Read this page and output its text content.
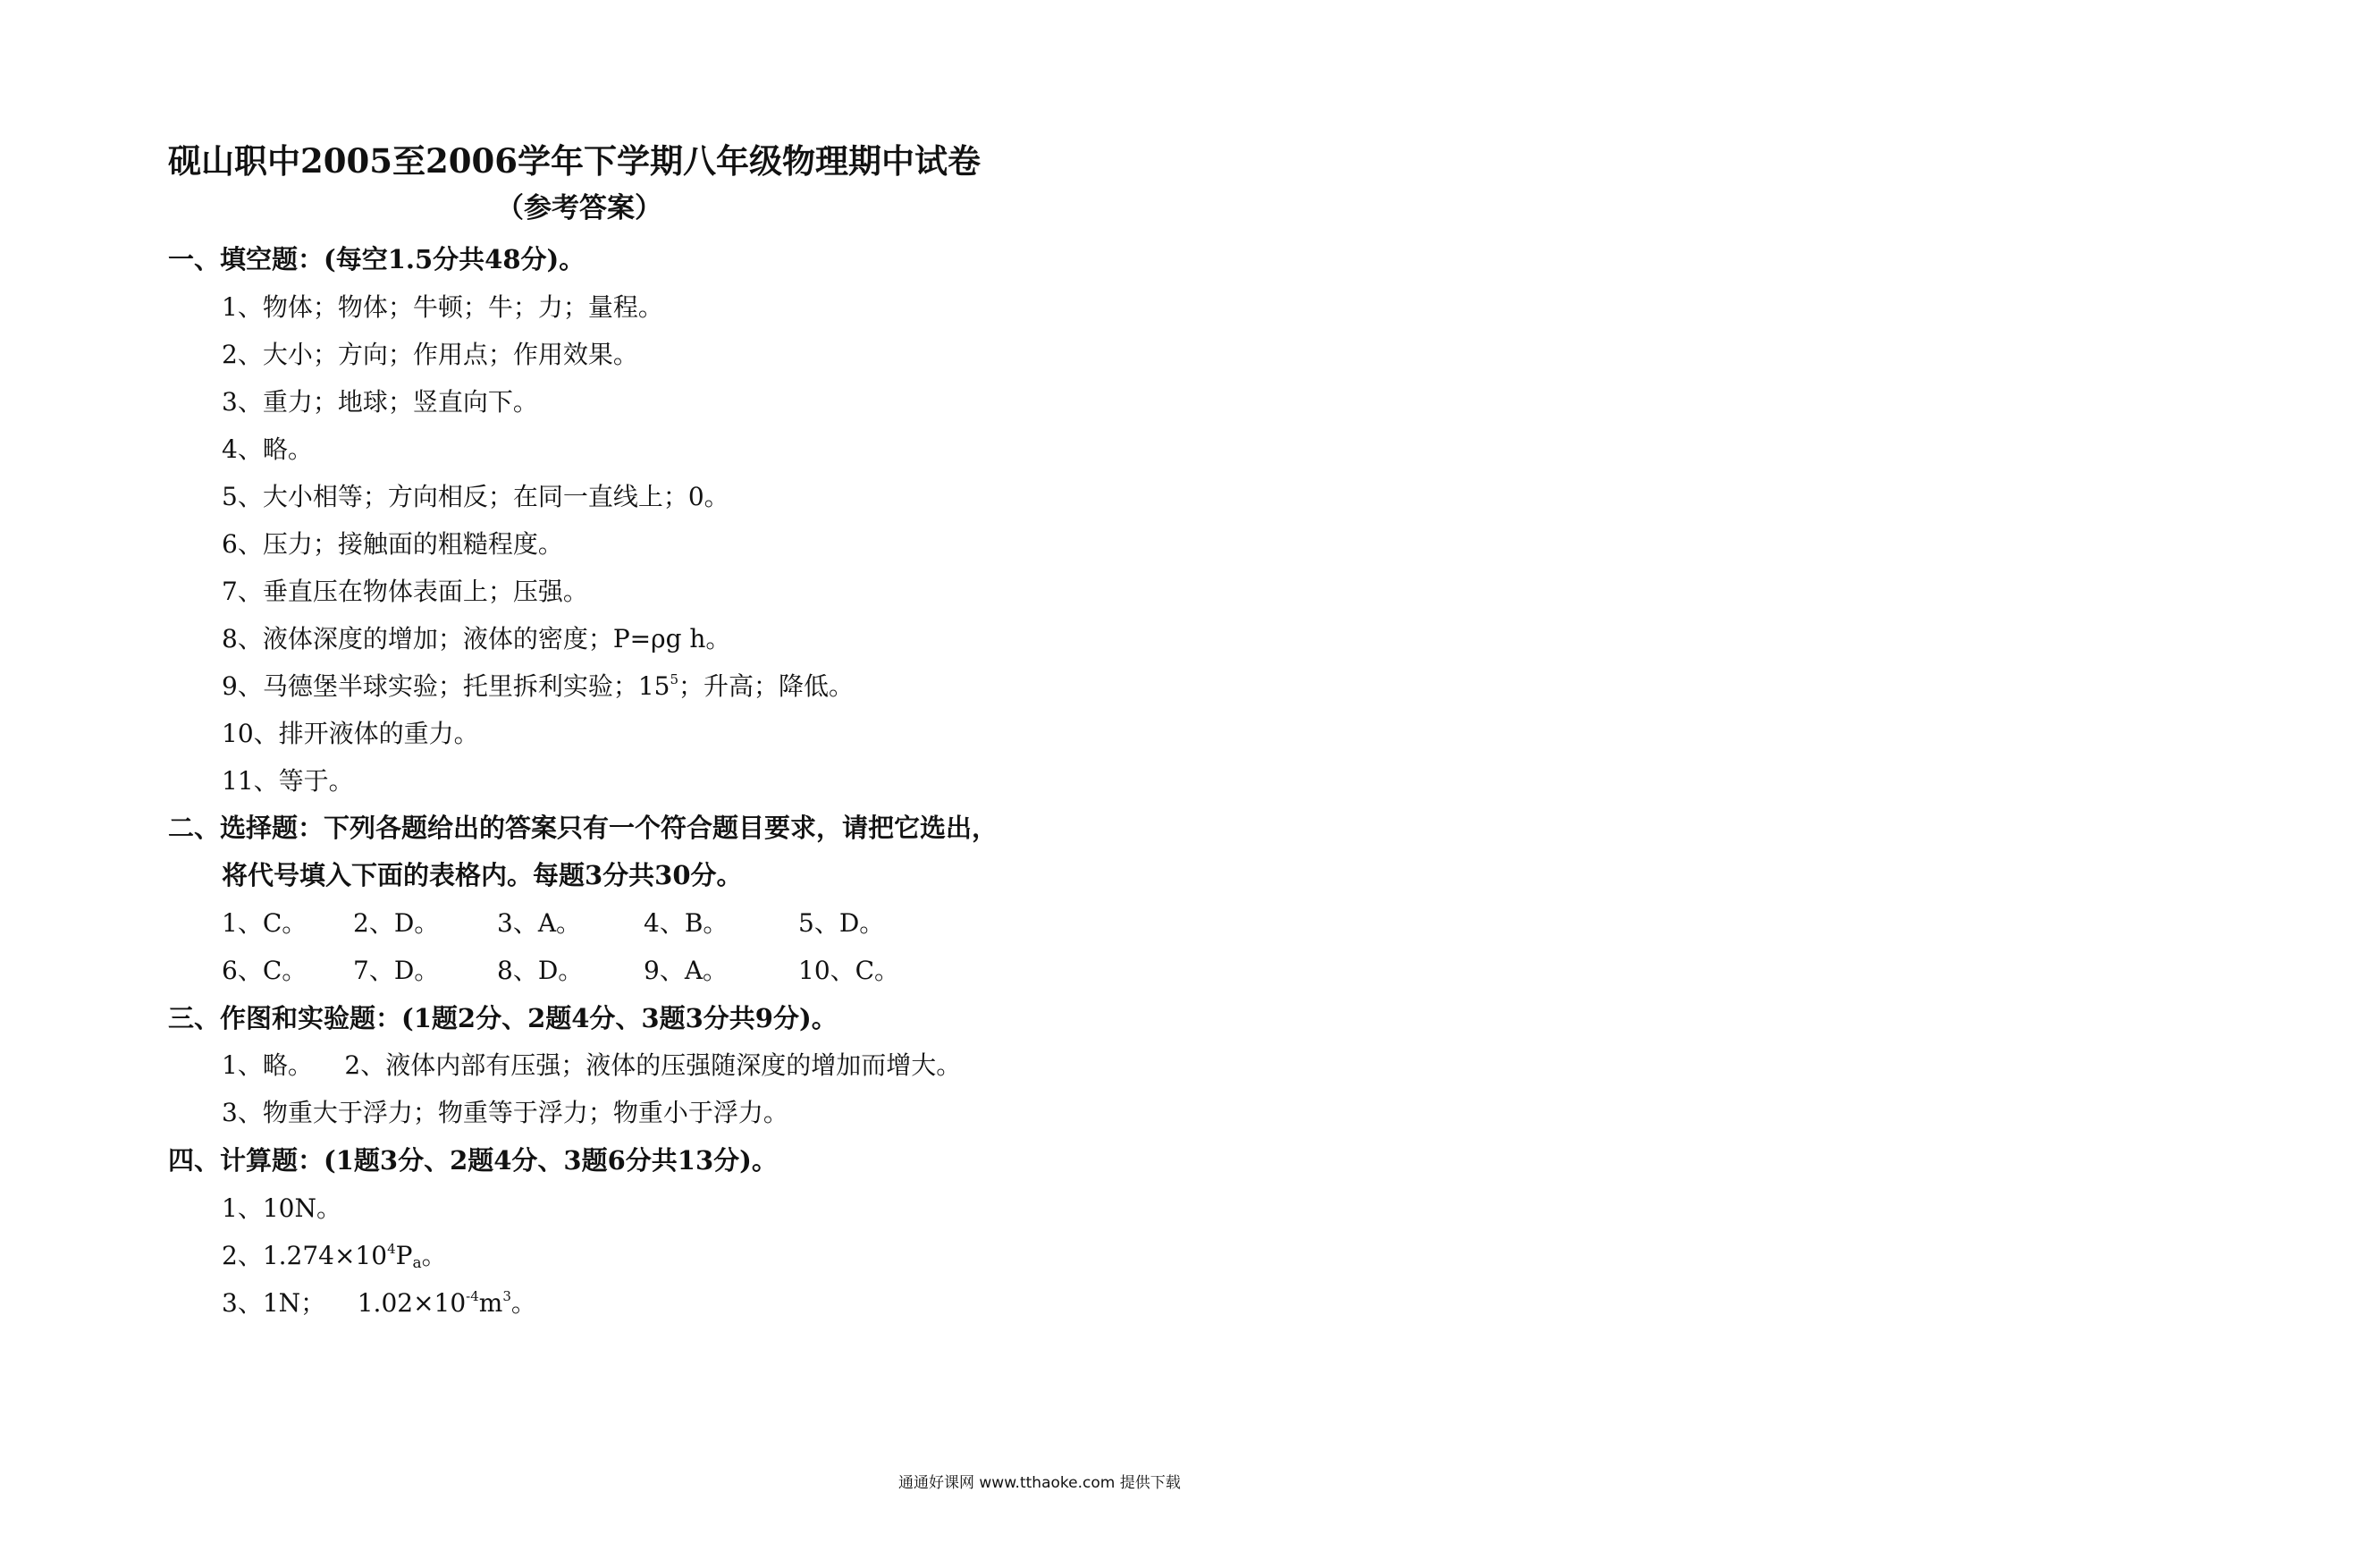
砚山职中2005至2006学年下学期八年级物理期中试卷
（参考答案）
一、填空题：(每空1.5分共48分)。
1、物体；物体；牛顿；牛；力；量程。
2、大小；方向；作用点；作用效果。
3、重力；地球；竖直向下。
4、略。
5、大小相等；方向相反；在同一直线上；0。
6、压力；接触面的粗糙程度。
7、垂直压在物体表面上；压强。
8、液体深度的增加；液体的密度；P=ρg h。
9、马德堡半球实验；托里拆利实验；$15^5$；升高；降低。
10、排开液体的重力。
11、等于。
二、选择题：下列各题给出的答案只有一个符合题目要求，请把它选出，
将代号填入下面的表格内。每题3分共30分。
1、C。 2、D。 3、A。 4、B。	5、D。
6、C。 7、D。 8、D。 9、A。	10、C。
三、作图和实验题：(1题2分、2题4分、3题3分共9分)。
1、略。    2、液体内部有压强；液体的压强随深度的增加而增大。
3、物重大于浮力；物重等于浮力；物重小于浮力。
四、计算题：(1题3分、2题4分、3题6分共13分)。
1、10N。
2、$1.274\times 10^4P_a$。
3、1N；    $1.02\times 10^{-4}m^3$。
通通好课网 www.tthaoke.com 提供下载
